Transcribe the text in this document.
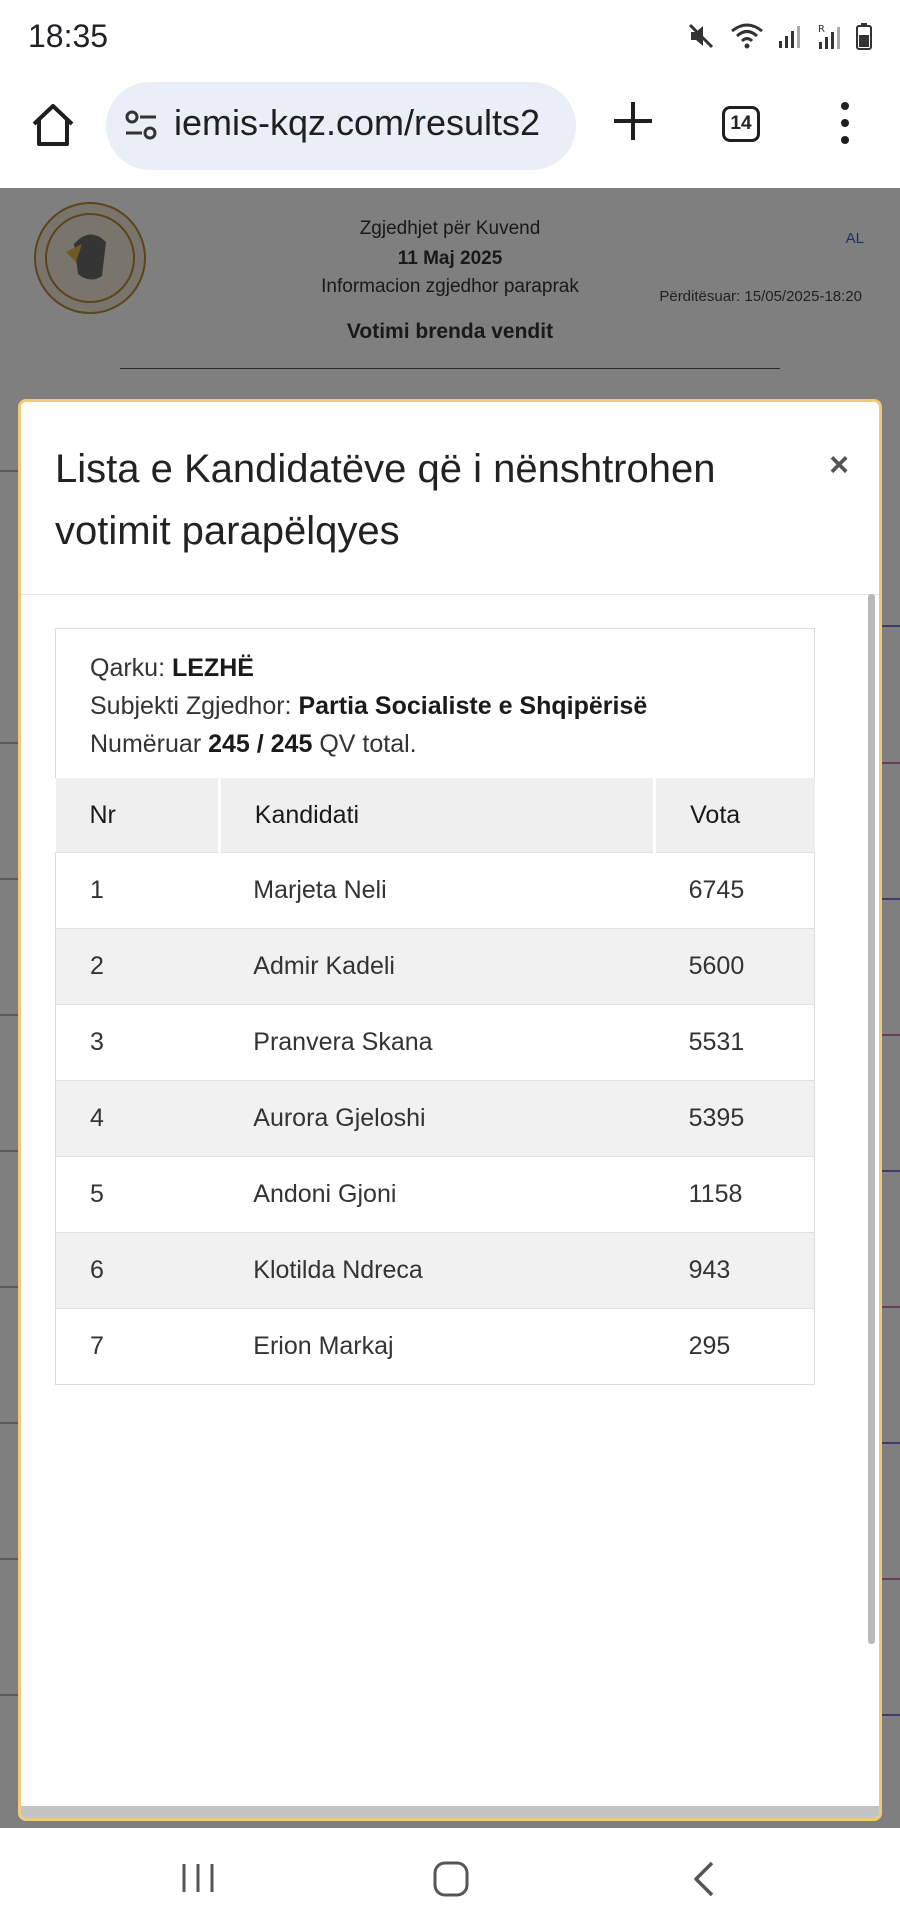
18:35	R
iemis-kqz.com/results2	14
Lista e Kandidatëve që i nënshtrohen votimit parapëlqyes
×
Qarku: LEZHË
Subjekti Zgjedhor: Partia Socialiste e Shqipërisë
Numëruar 245 / 245 QV total.
Nr	Kandidati	Vota
1	Marjeta Neli	6745
2	Admir Kadeli	5600
3	Pranvera Skana	5531
4	Aurora Gjeloshi	5395
5	Andoni Gjoni	1158
6	Klotilda Ndreca	943
7	Erion Markaj	295
